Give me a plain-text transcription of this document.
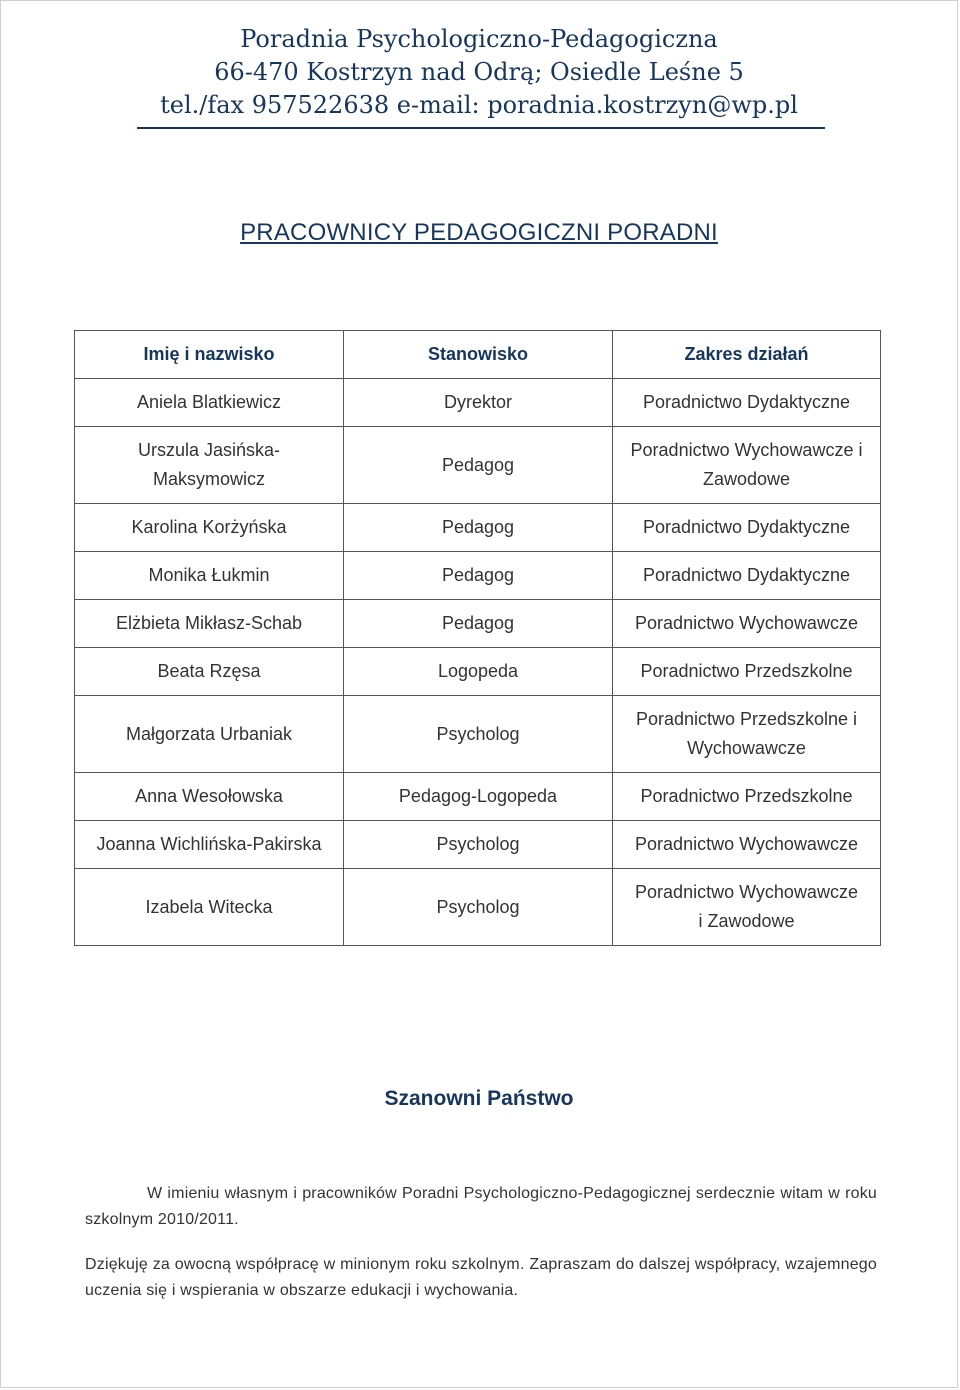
Poradnia Psychologiczno-Pedagogiczna
66-470 Kostrzyn nad Odrą; Osiedle Leśne 5
tel./fax 957522638 e-mail: poradnia.kostrzyn@wp.pl
PRACOWNICY PEDAGOGICZNI PORADNI
Imię i nazwisko	Stanowisko	Zakres działań
Aniela Blatkiewicz	Dyrektor	Poradnictwo Dydaktyczne
Urszula Jasińska-Maksymowicz	Pedagog	Poradnictwo Wychowawcze i Zawodowe
Karolina Korżyńska	Pedagog	Poradnictwo Dydaktyczne
Monika Łukmin	Pedagog	Poradnictwo Dydaktyczne
Elżbieta Mikłasz-Schab	Pedagog	Poradnictwo Wychowawcze
Beata Rzęsa	Logopeda	Poradnictwo Przedszkolne
Małgorzata Urbaniak	Psycholog	Poradnictwo Przedszkolne i Wychowawcze
Anna Wesołowska	Pedagog-Logopeda	Poradnictwo Przedszkolne
Joanna Wichlińska-Pakirska	Psycholog	Poradnictwo Wychowawcze
Izabela Witecka	Psycholog	Poradnictwo Wychowawcze i Zawodowe
Szanowni Państwo

W imieniu własnym i pracowników Poradni Psychologiczno-Pedagogicznej serdecznie witam w roku szkolnym 2010/2011.

Dziękuję za owocną współpracę w minionym roku szkolnym. Zapraszam do dalszej współpracy, wzajemnego uczenia się i wspierania w obszarze edukacji i wychowania.
